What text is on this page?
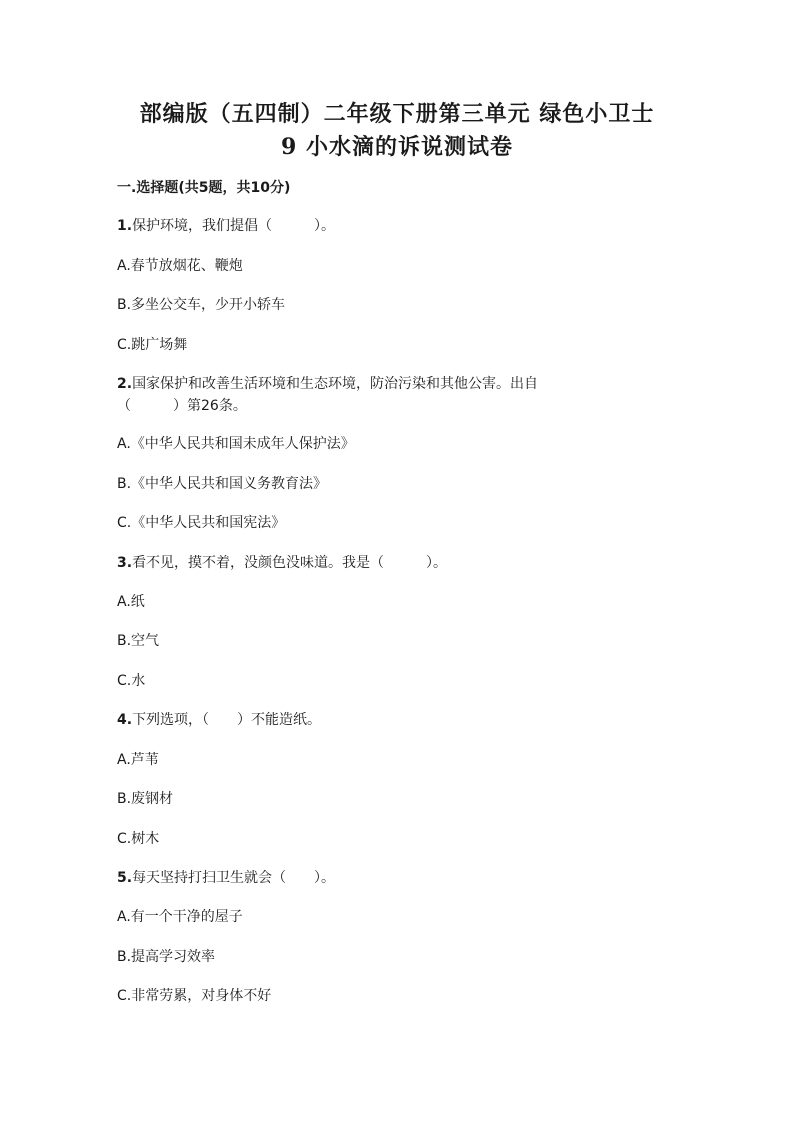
部编版（五四制）二年级下册第三单元 绿色小卫士
9 小水滴的诉说测试卷
一.选择题(共5题，共10分)
1.保护环境，我们提倡（　　　）。
A.春节放烟花、鞭炮
B.多坐公交车，少开小轿车
C.跳广场舞
2.国家保护和改善生活环境和生态环境，防治污染和其他公害。出自
（　　　）第26条。
A.《中华人民共和国未成年人保护法》
B.《中华人民共和国义务教育法》
C.《中华人民共和国宪法》
3.看不见，摸不着，没颜色没味道。我是（　　　）。
A.纸
B.空气
C.水
4.下列选项，（　　）不能造纸。
A.芦苇
B.废钢材
C.树木
5.每天坚持打扫卫生就会（　　）。
A.有一个干净的屋子
B.提高学习效率
C.非常劳累，对身体不好
